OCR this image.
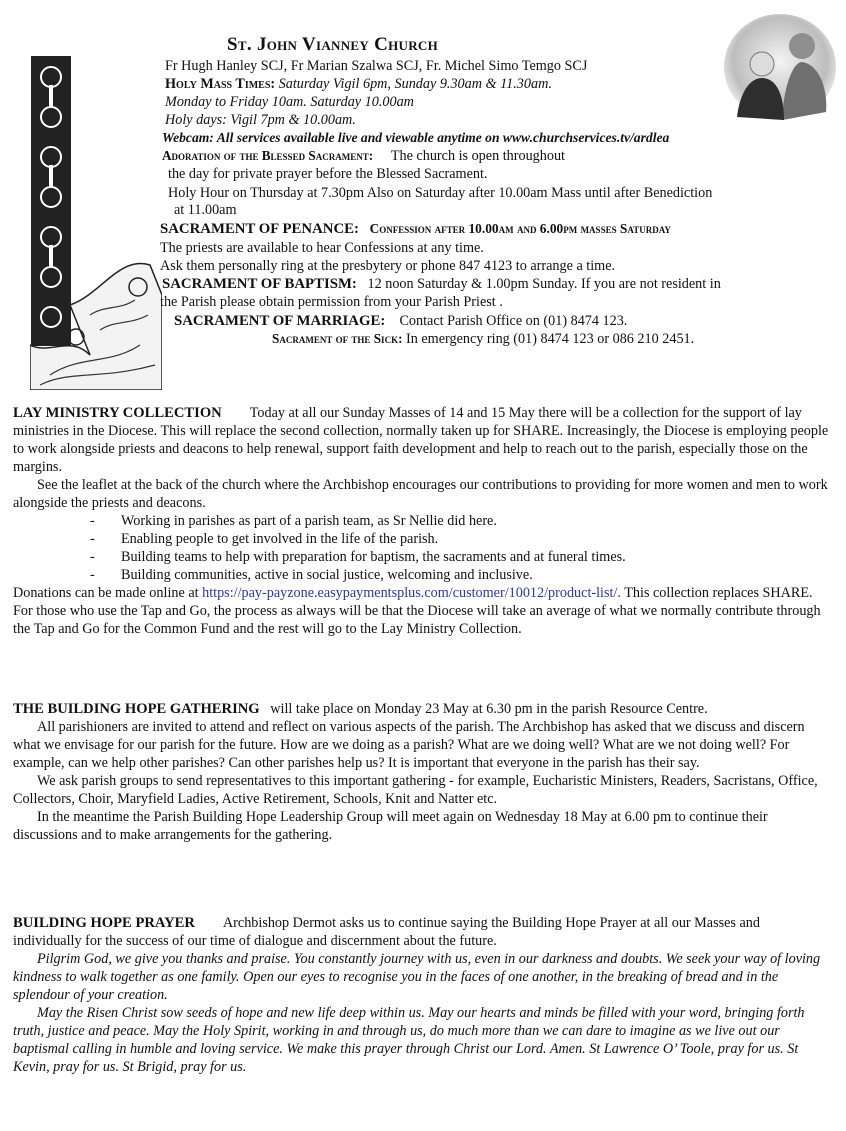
St. John Vianney Church
Fr Hugh Hanley SCJ, Fr Marian Szalwa SCJ, Fr. Michel Simo Temgo SCJ
Holy Mass Times: Saturday Vigil 6pm, Sunday 9.30am & 11.30am.
Monday to Friday 10am. Saturday 10.00am
Holy days: Vigil 7pm & 10.00am.
Webcam: All services available live and viewable anytime on www.churchservices.tv/ardlea
Adoration of the Blessed Sacrament: The church is open throughout
the day for private prayer before the Blessed Sacrament.
Holy Hour on Thursday at 7.30pm Also on Saturday after 10.00am Mass until after Benediction
at 11.00am
SACRAMENT OF PENANCE: Confession after 10.00am and 6.00pm masses Saturday
The priests are available to hear Confessions at any time.
Ask them personally ring at the presbytery or phone 847 4123 to arrange a time.
SACRAMENT OF BAPTISM: 12 noon Saturday & 1.00pm Sunday. If you are not resident in
the Parish please obtain permission from your Parish Priest .
SACRAMENT OF MARRIAGE: Contact Parish Office on (01) 8474 123.
Sacrament of the Sick: In emergency ring (01) 8474 123 or 086 210 2451.

LAY MINISTRY COLLECTION Today at all our Sunday Masses of 14 and 15 May there will be a collection for the support of lay ministries in the Diocese. This will replace the second collection, normally taken up for SHARE. Increasingly, the Diocese is employing people to work alongside priests and deacons to help renewal, support faith development and help to reach out to the parish, especially those on the margins.

See the leaflet at the back of the church where the Archbishop encourages our contributions to providing for more women and men to work alongside the priests and deacons.

- Working in parishes as part of a parish team, as Sr Nellie did here.
- Enabling people to get involved in the life of the parish.
- Building teams to help with preparation for baptism, the sacraments and at funeral times.
- Building communities, active in social justice, welcoming and inclusive.

Donations can be made online at https://pay-payzone.easypaymentsplus.com/customer/10012/product-list/. This collection replaces SHARE. For those who use the Tap and Go, the process as always will be that the Diocese will take an average of what we normally contribute through the Tap and Go for the Common Fund and the rest will go to the Lay Ministry Collection.

THE BUILDING HOPE GATHERING will take place on Monday 23 May at 6.30 pm in the parish Resource Centre.

All parishioners are invited to attend and reflect on various aspects of the parish. The Archbishop has asked that we discuss and discern what we envisage for our parish for the future. How are we doing as a parish? What are we doing well? What are we not doing well? For example, can we help other parishes? Can other parishes help us? It is important that everyone in the parish has their say.

We ask parish groups to send representatives to this important gathering - for example, Eucharistic Ministers, Readers, Sacristans, Office, Collectors, Choir, Maryfield Ladies, Active Retirement, Schools, Knit and Natter etc.

In the meantime the Parish Building Hope Leadership Group will meet again on Wednesday 18 May at 6.00 pm to continue their discussions and to make arrangements for the gathering.

BUILDING HOPE PRAYER Archbishop Dermot asks us to continue saying the Building Hope Prayer at all our Masses and individually for the success of our time of dialogue and discernment about the future.

Pilgrim God, we give you thanks and praise. You constantly journey with us, even in our darkness and doubts. We seek your way of loving kindness to walk together as one family. Open our eyes to recognise you in the faces of one another, in the breaking of bread and in the splendour of your creation.

May the Risen Christ sow seeds of hope and new life deep within us. May our hearts and minds be filled with your word, bringing forth truth, justice and peace. May the Holy Spirit, working in and through us, do much more than we can dare to imagine as we live out our baptismal calling in humble and loving service. We make this prayer through Christ our Lord. Amen. St Lawrence O’ Toole, pray for us. St Kevin, pray for us. St Brigid, pray for us.
